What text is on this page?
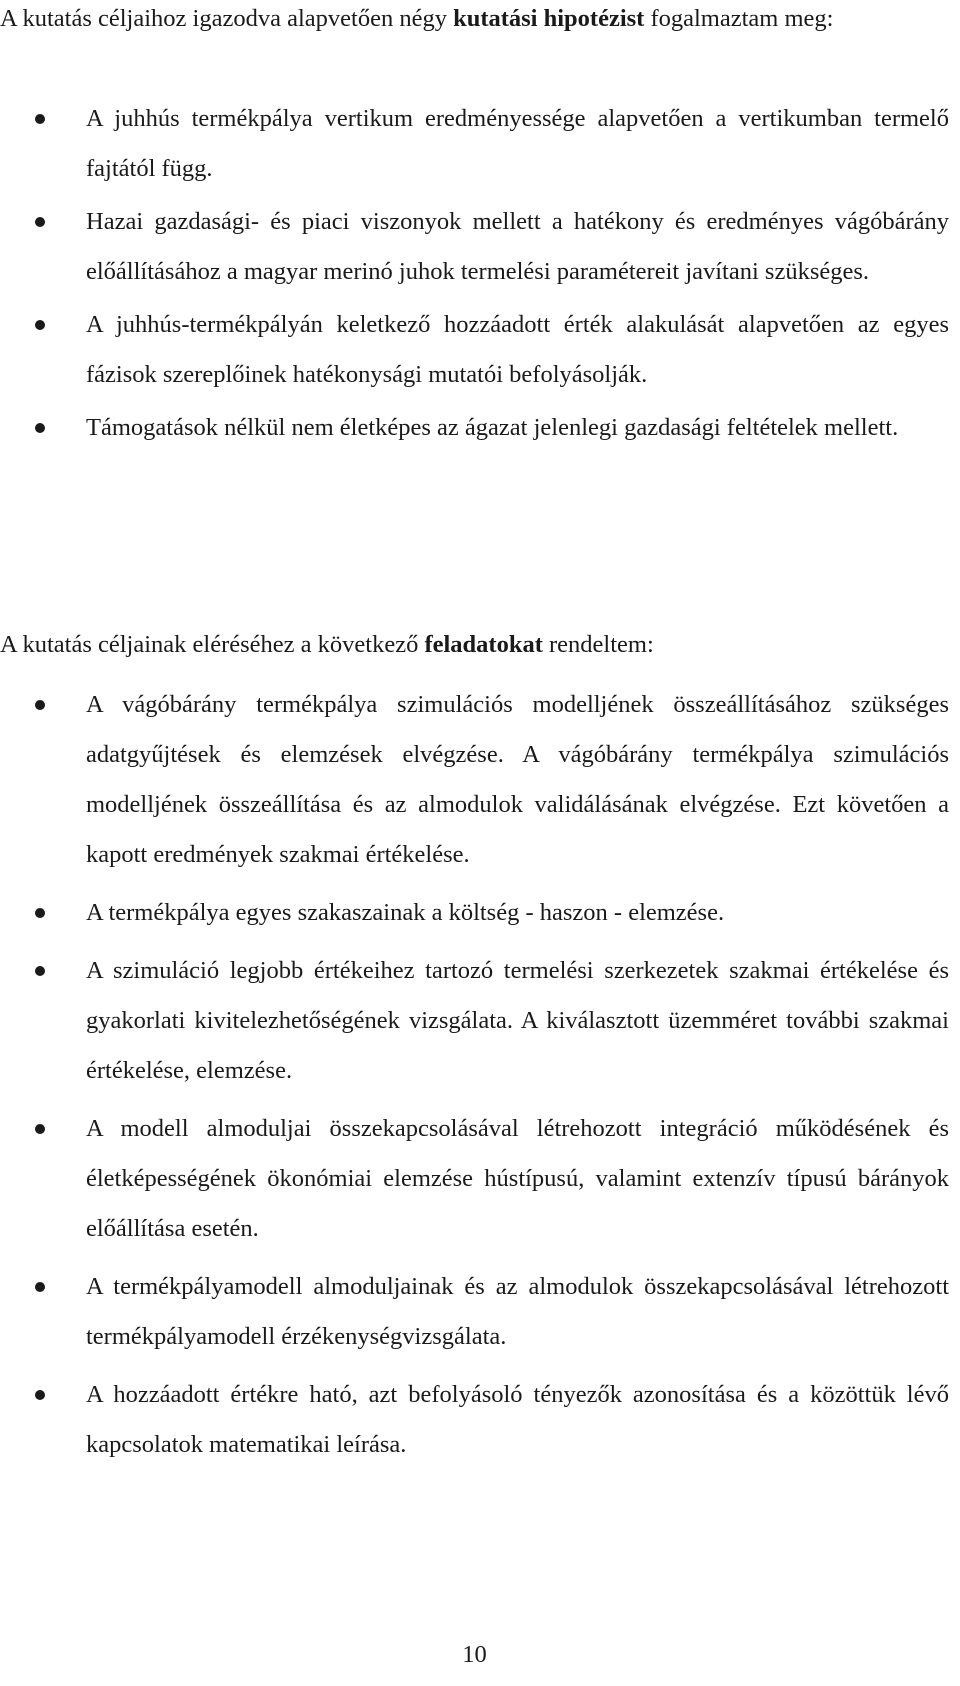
A kutatás céljaihoz igazodva alapvetően négy kutatási hipotézist fogalmaztam meg:

A juhhús termékpálya vertikum eredményessége alapvetően a vertikumban termelő fajtától függ.
Hazai gazdasági- és piaci viszonyok mellett a hatékony és eredményes vágóbárány előállításához a magyar merinó juhok termelési paramétereit javítani szükséges.
A juhhús-termékpályán keletkező hozzáadott érték alakulását alapvetően az egyes fázisok szereplőinek hatékonysági mutatói befolyásolják.
Támogatások nélkül nem életképes az ágazat jelenlegi gazdasági feltételek mellett.

A kutatás céljainak eléréséhez a következő feladatokat rendeltem:

A vágóbárány termékpálya szimulációs modelljének összeállításához szükséges adatgyűjtések és elemzések elvégzése. A vágóbárány termékpálya szimulációs modelljének összeállítása és az almodulok validálásának elvégzése. Ezt követően a kapott eredmények szakmai értékelése.
A termékpálya egyes szakaszainak a költség - haszon - elemzése.
A szimuláció legjobb értékeihez tartozó termelési szerkezetek szakmai értékelése és gyakorlati kivitelezhetőségének vizsgálata. A kiválasztott üzemméret további szakmai értékelése, elemzése.
A modell almoduljai összekapcsolásával létrehozott integráció működésének és életképességének ökonómiai elemzése hústípusú, valamint extenzív típusú bárányok előállítása esetén.
A termékpályamodell almoduljainak és az almodulok összekapcsolásával létrehozott termékpályamodell érzékenységvizsgálata.
A hozzáadott értékre ható, azt befolyásoló tényezők azonosítása és a közöttük lévő kapcsolatok matematikai leírása.
10
